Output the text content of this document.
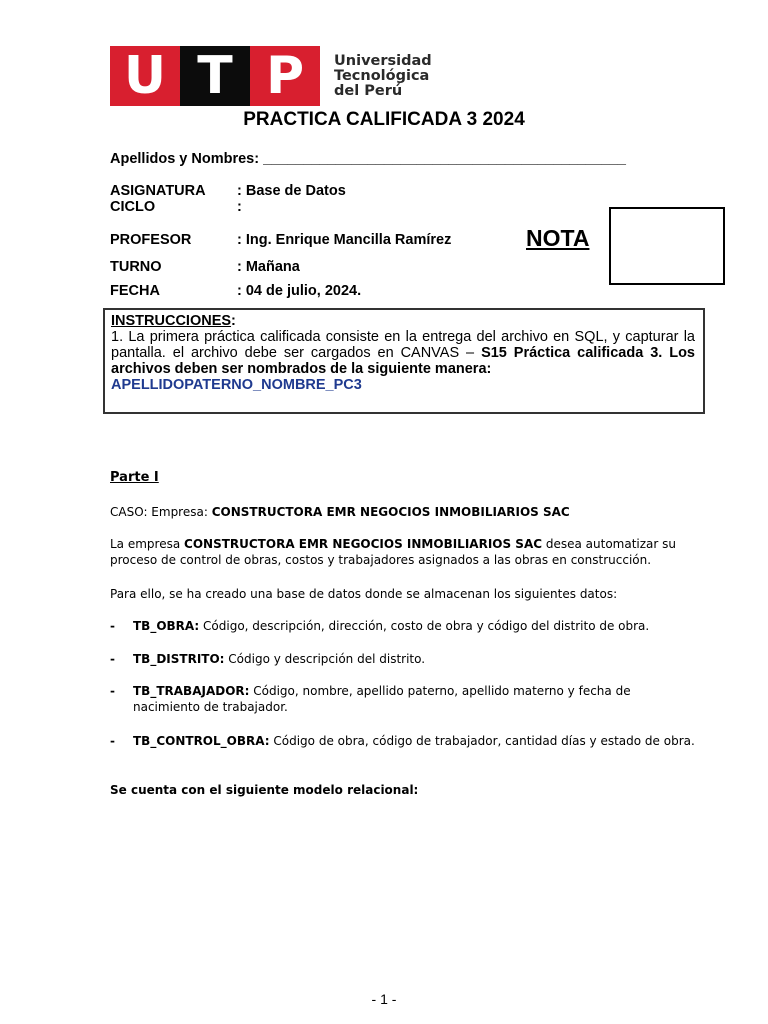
U T P	Universidad
Tecnológica
del Perú
PRACTICA CALIFICADA 3 2024
Apellidos y Nombres: _____________________________________________
ASIGNATURA : Base de Datos
CICLO	:
PROFESOR	: Ing. Enrique Mancilla Ramírez
TURNO	: Mañana
FECHA	: 04 de julio, 2024.
NOTA
INSTRUCCIONES:
1. La primera práctica calificada consiste en la entrega del archivo en SQL, y capturar la pantalla. el archivo debe ser cargados en CANVAS – S15 Práctica calificada 3. Los archivos deben ser nombrados de la siguiente manera:
APELLIDOPATERNO_NOMBRE_PC3
Parte I
CASO: Empresa: CONSTRUCTORA EMR NEGOCIOS INMOBILIARIOS SAC
La empresa CONSTRUCTORA EMR NEGOCIOS INMOBILIARIOS SAC desea automatizar su proceso de control de obras, costos y trabajadores asignados a las obras en construcción.
Para ello, se ha creado una base de datos donde se almacenan los siguientes datos:
-	TB_OBRA: Código, descripción, dirección, costo de obra y código del distrito de obra.
-	TB_DISTRITO: Código y descripción del distrito.
-	TB_TRABAJADOR: Código, nombre, apellido paterno, apellido materno y fecha de nacimiento de trabajador.
-	TB_CONTROL_OBRA: Código de obra, código de trabajador, cantidad días y estado de obra.
Se cuenta con el siguiente modelo relacional:
- 1 -
